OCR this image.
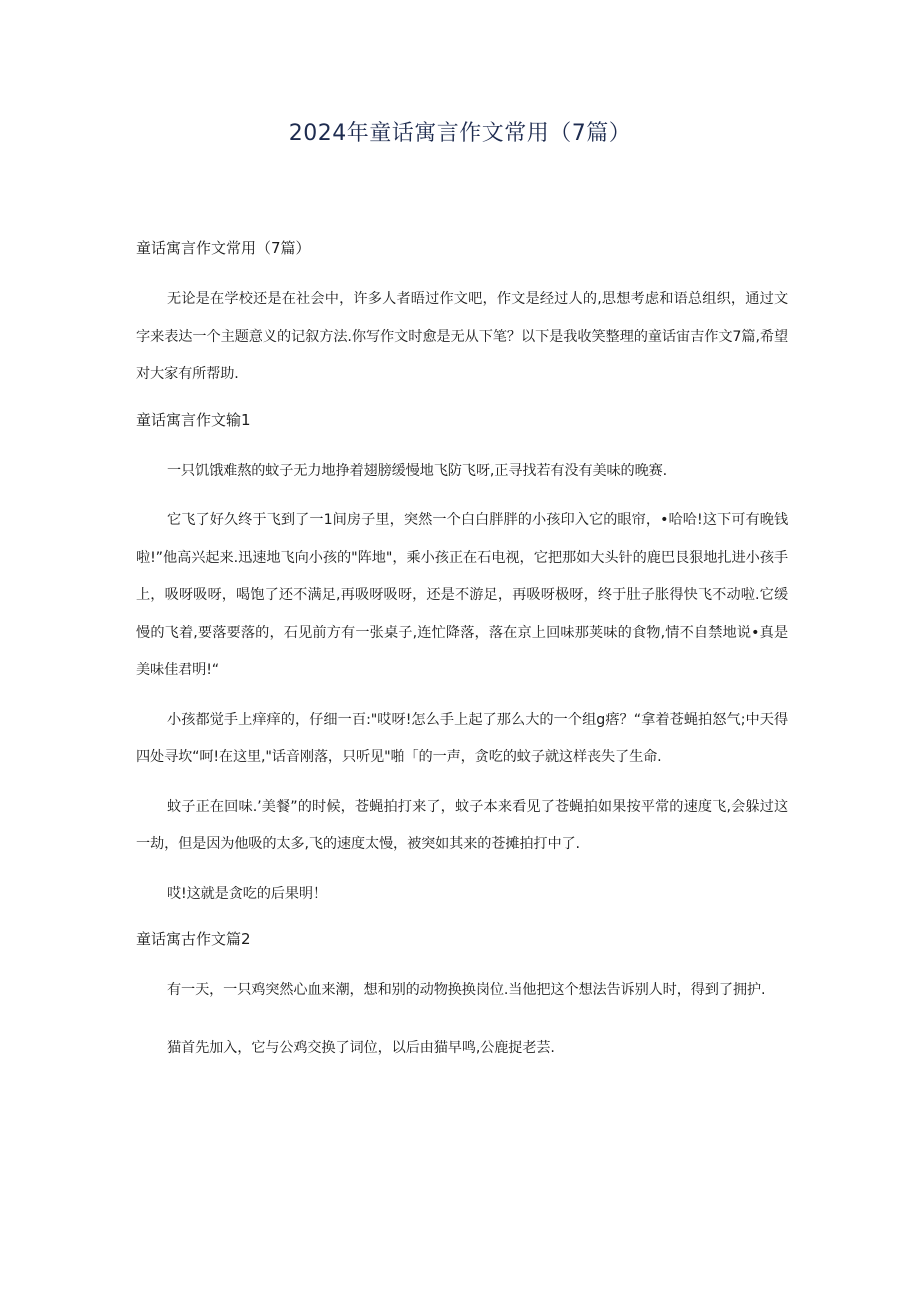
2024年童话寓言作文常用（7篇）
童话寓言作文常用（7篇）

无论是在学校还是在社会中，许多人者晤过作文吧，作文是经过人的,思想考虑和语总组织，通过文字来表达一个主题意义的记叙方法.你写作文时愈是无从下笔？以下是我收笑整理的童话宙吉作文7篇,希望对大家有所帮助.

童话寓言作文输1

一只饥饿难熬的蚊子无力地挣着翅膀缓慢地飞防飞呀,正寻找若有没有美味的晚赛.

它飞了好久终于飞到了一1间房子里，突然一个白白胖胖的小孩印入它的眼帘，•哈哈!这下可有晚钱啦!”他高兴起来.迅速地飞向小孩的"阵地"，乘小孩正在石电视，它把那如大头针的鹿巴艮狠地扎进小孩手上，吸呀吸呀，喝饱了还不满足,再吸呀吸呀，还是不游足，再吸呀极呀，终于肚子胀得快飞不动啦.它缓慢的飞着,要落要落的，石见前方有一张桌子,连忙降落，落在京上回味那荚味的食物,情不自禁地说•真是美味佳君明!“

小孩都觉手上痒痒的，仔细一百:"哎呀!怎么手上起了那么大的一个组g瘩？“拿着苍蝇拍怒气;中天得四处寻坎“呵!在这里,"话音刚落，只听见"啪「的一声，贪吃的蚊子就这样丧失了生命.

蚊子正在回味.’美餐”的时候，苍蝇拍打来了，蚊子本来看见了苍蝇拍如果按平常的速度飞,会躲过这一劫，但是因为他吸的太多,飞的速度太慢，被突如其来的苍摊拍打中了.

哎!这就是贪吃的后果明！

童话寓古作文篇2

有一天，一只鸡突然心血来潮，想和别的动物换换岗位.当他把这个想法告诉别人时，得到了拥护.

猫首先加入，它与公鸡交换了词位，以后由猫早鸣,公鹿捉老芸.
